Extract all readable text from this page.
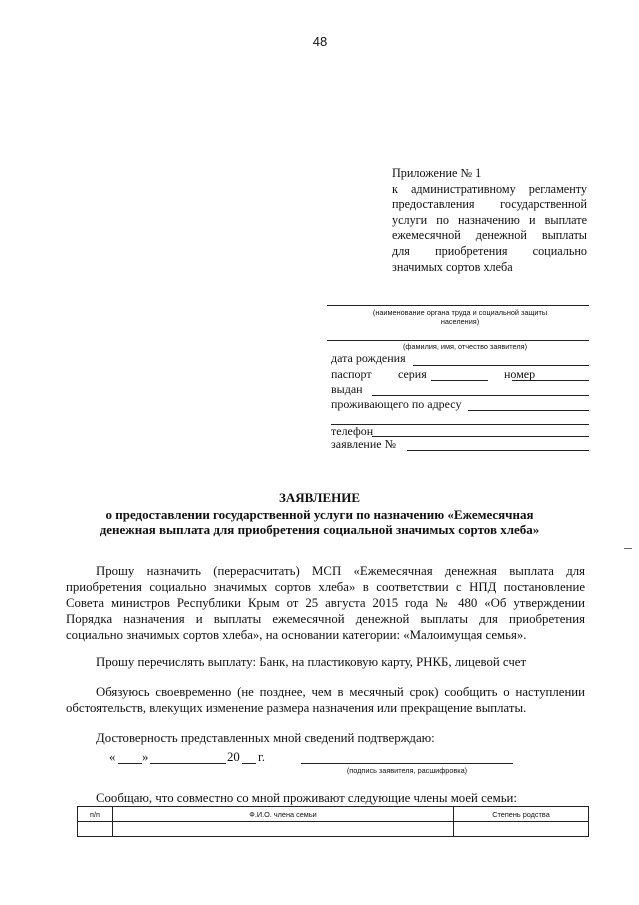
48
Приложение № 1
к административному регламенту
предоставления государственной
услуги по назначению и выплате
ежемесячной денежной выплаты
для приобретения социально
значимых сортов хлеба
(наименование органа труда и социальной защиты
населения)
(фамилия, имя, отчество заявителя)
дата рождения
паспорт серия	номер
выдан
проживающего по адресу
телефон
заявление №
ЗАЯВЛЕНИЕ
о предоставлении государственной услуги по назначению «Ежемесячная
денежная выплата для приобретения социальной значимых сортов хлеба»
Прошу назначить (перерасчитать) МСП «Ежемесячная денежная выплата для
приобретения социально значимых сортов хлеба» в соответствии с НПД постановление
Совета министров Республики Крым от 25 августа 2015 года № 480 «Об утверждении
Порядка назначения и выплаты ежемесячной денежной выплаты для приобретения
социально значимых сортов хлеба», на основании категории: «Малоимущая семья».
Прошу перечислять выплату: Банк, на пластиковую карту, РНКБ, лицевой счет
Обязуюсь своевременно (не позднее, чем в месячный срок) сообщить о наступлении
обстоятельств, влекущих изменение размера назначения или прекращение выплаты.
Достоверность представленных мной сведений подтверждаю:
« »	20 г.
(подпись заявителя, расшифровка)
Сообщаю, что совместно со мной проживают следующие члены моей семьи:
п/п	Ф.И.О. члена семьи	Степень родства
